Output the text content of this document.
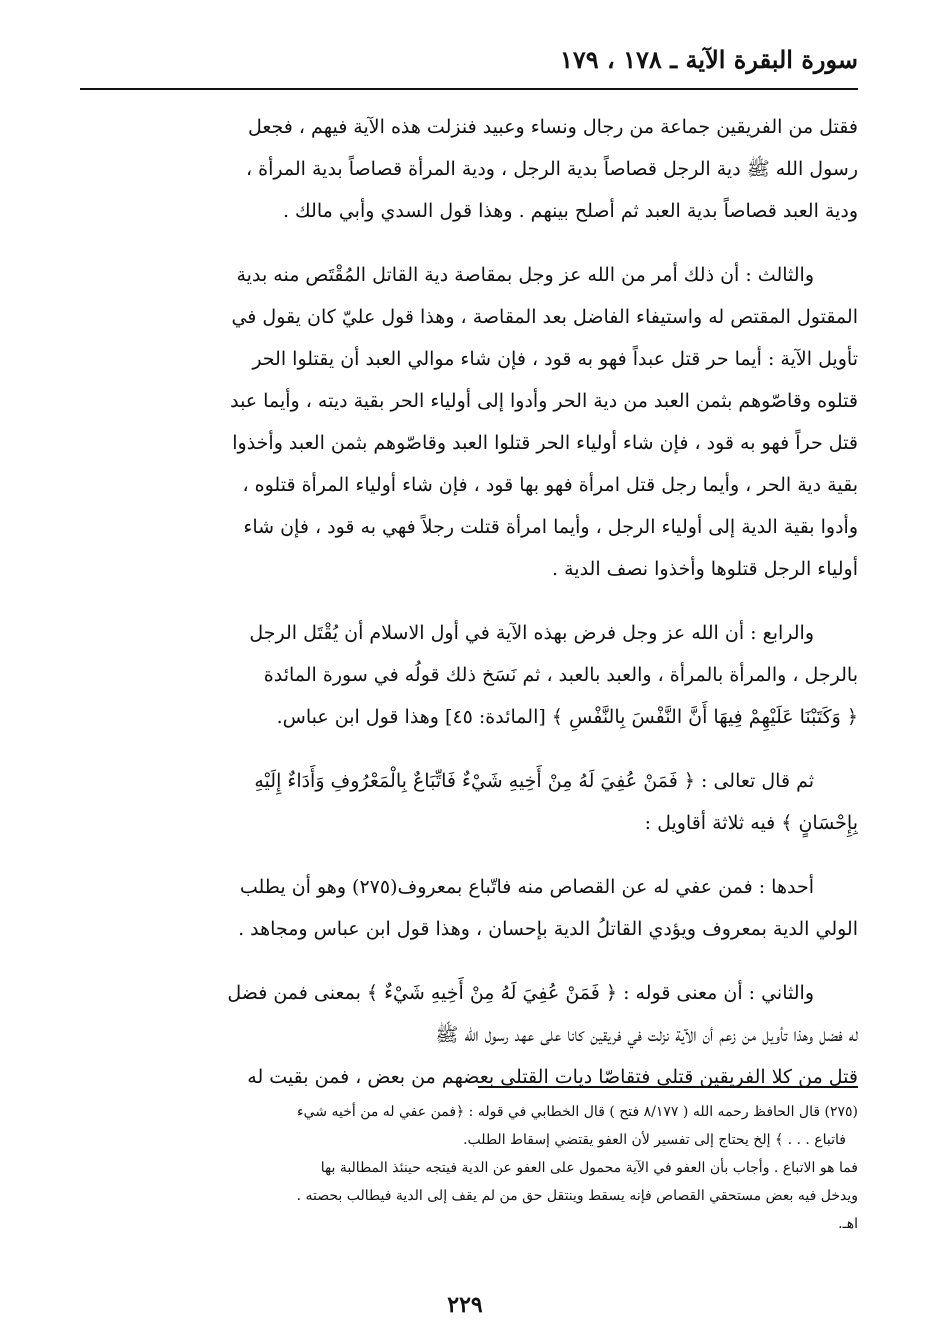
سورة البقرة الآية ـ ١٧٨ ، ١٧٩
فقتل من الفريقين جماعة من رجال ونساء وعبيد فنزلت هذه الآية فيهم ، فجعل
رسول الله ﷺ دية الرجل قصاصاً بدية الرجل ، ودية المرأة قصاصاً بدية المرأة ،
ودية العبد قصاصاً بدية العبد ثم أصلح بينهم . وهذا قول السدي وأبي مالك .
والثالث : أن ذلك أمر من الله عز وجل بمقاصة دية القاتل المُقْتَص منه بدية
المقتول المقتص له واستيفاء الفاضل بعد المقاصة ، وهذا قول عليّ كان يقول في
تأويل الآية : أيما حر قتل عبداً فهو به قود ، فإن شاء موالي العبد أن يقتلوا الحر
قتلوه وقاصّوهم بثمن العبد من دية الحر وأدوا إلى أولياء الحر بقية ديته ، وأيما عبد
قتل حراً فهو به قود ، فإن شاء أولياء الحر قتلوا العبد وقاصّوهم بثمن العبد وأخذوا
بقية دية الحر ، وأيما رجل قتل امرأة فهو بها قود ، فإن شاء أولياء المرأة قتلوه ،
وأدوا بقية الدية إلى أولياء الرجل ، وأيما امرأة قتلت رجلاً فهي به قود ، فإن شاء
أولياء الرجل قتلوها وأخذوا نصف الدية .
والرابع : أن الله عز وجل فرض بهذه الآية في أول الاسلام أن يُقْتَل الرجل
بالرجل ، والمرأة بالمرأة ، والعبد بالعبد ، ثم نَسَخ ذلك قولُه في سورة المائدة
﴿ وَكَتَبْنَا عَلَيْهِمْ فِيهَا أَنَّ النَّفْسَ بِالنَّفْسِ ﴾ [المائدة: ٤٥] وهذا قول ابن عباس.
ثم قال تعالى : ﴿ فَمَنْ عُفِيَ لَهُ مِنْ أَخِيهِ شَيْءٌ فَاتِّبَاعٌ بِالْمَعْرُوفِ وَأَدَاءٌ إِلَيْهِ
بِإِحْسَانٍ ﴾ فيه ثلاثة أقاويل :
أحدها : فمن عفي له عن القصاص منه فاتّباع بمعروف(٢٧٥) وهو أن يطلب
الولي الدية بمعروف ويؤدي القاتلُ الدية بإحسان ، وهذا قول ابن عباس ومجاهد .
والثاني : أن معنى قوله : ﴿ فَمَنْ عُفِيَ لَهُ مِنْ أَخِيهِ شَيْءٌ ﴾ بمعنى فمن فضل
له فضل وهذا تأويل من زعم أن الآية نزلت في فريقين كانا على عهد رسول الله ﷺ
قتل من كلا الفريقين قتلى فتقاصّا ديات القتلى بعضهم من بعض ، فمن بقيت له
(٢٧٥) قال الحافظ رحمه الله ( ٨/١٧٧ فتح ) قال الخطابي في قوله : ﴿فمن عفي له من أخيه شيء
فاتباع . . . ﴾ إلخ يحتاج إلى تفسير لأن العفو يقتضي إسقاط الطلب.
فما هو الاتباع . وأجاب بأن العفو في الآية محمول على العفو عن الدية فيتجه حينئذ المطالبة بها
ويدخل فيه بعض مستحقي القصاص فإنه يسقط وينتقل حق من لم يقف إلى الدية فيطالب بحصته .
اهـ.
٢٢٩
